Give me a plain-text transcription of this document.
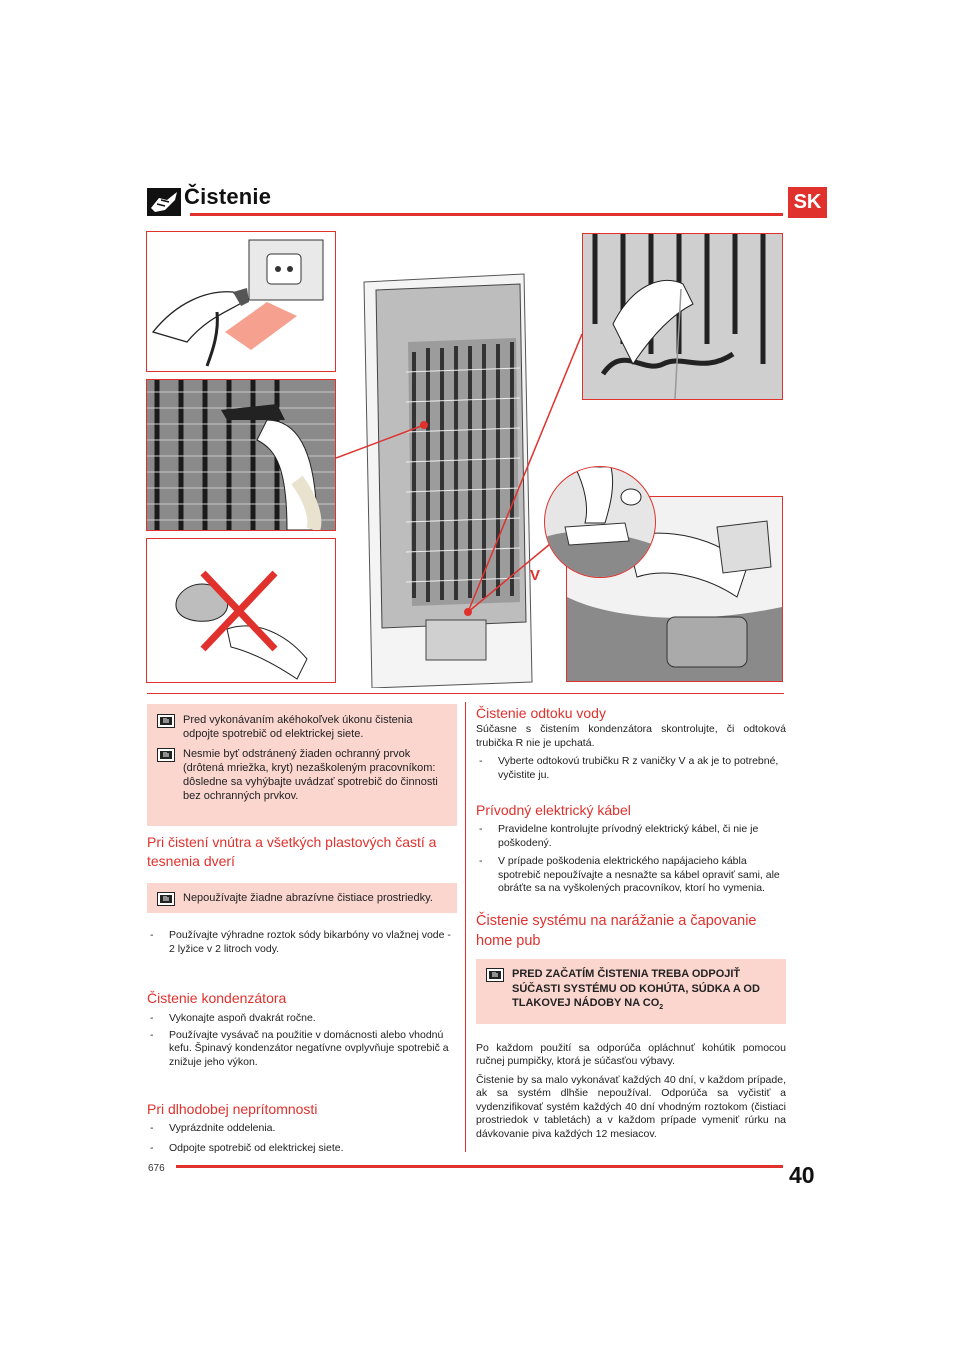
Čistenie	SK
V
Pred vykonávaním akéhokoľvek úkonu čistenia odpojte spotrebič od elektrickej siete.
Nesmie byť odstránený žiaden ochranný prvok (drôtená mriežka, kryt) nezaškoleným pracovníkom: dôsledne sa vyhýbajte uvádzať spotrebič do činnosti bez ochranných prvkov.
Pri čistení vnútra a všetkých plastových častí a tesnenia dverí
Nepoužívajte žiadne abrazívne čistiace prostriedky.
- Používajte výhradne roztok sódy bikarbóny vo vlažnej vode - 2 lyžice v 2 litroch vody.
Čistenie kondenzátora
- Vykonajte aspoň dvakrát ročne.
- Používajte vysávač na použitie v domácnosti alebo vhodnú kefu. Špinavý kondenzátor negatívne ovplyvňuje spotrebič a znižuje jeho výkon.
Pri dlhodobej neprítomnosti
- Vyprázdnite oddelenia.
- Odpojte spotrebič od elektrickej siete.
Čistenie odtoku vody
Súčasne s čistením kondenzátora skontrolujte, či odtoková trubička R nie je upchatá.
- Vyberte odtokovú trubičku R z vaničky V a ak je to potrebné, vyčistite ju.
Prívodný elektrický kábel
- Pravidelne kontrolujte prívodný elektrický kábel, či nie je poškodený.
- V prípade poškodenia elektrického napájacieho kábla spotrebič nepoužívajte a nesnažte sa kábel opraviť sami, ale obráťte sa na vyškolených pracovníkov, ktorí ho vymenia.
Čistenie systému na narážanie a čapovanie home pub
PRED ZAČATÍM ČISTENIA TREBA ODPOJIŤ SÚČASTI SYSTÉMU OD KOHÚTA, SÚDKA A OD TLAKOVEJ NÁDOBY NA $CO_2$
Po každom použití sa odporúča opláchnuť kohútik pomocou ručnej pumpičky, ktorá je súčasťou výbavy.
Čistenie by sa malo vykonávať každých 40 dní, v každom prípade, ak sa systém dlhšie nepoužíval. Odporúča sa vyčistiť a vydenzifikovať systém každých 40 dní vhodným roztokom (čistiaci prostriedok v tabletách) a v každom prípade vymeniť rúrku na dávkovanie piva každých 12 mesiacov.
676	40
